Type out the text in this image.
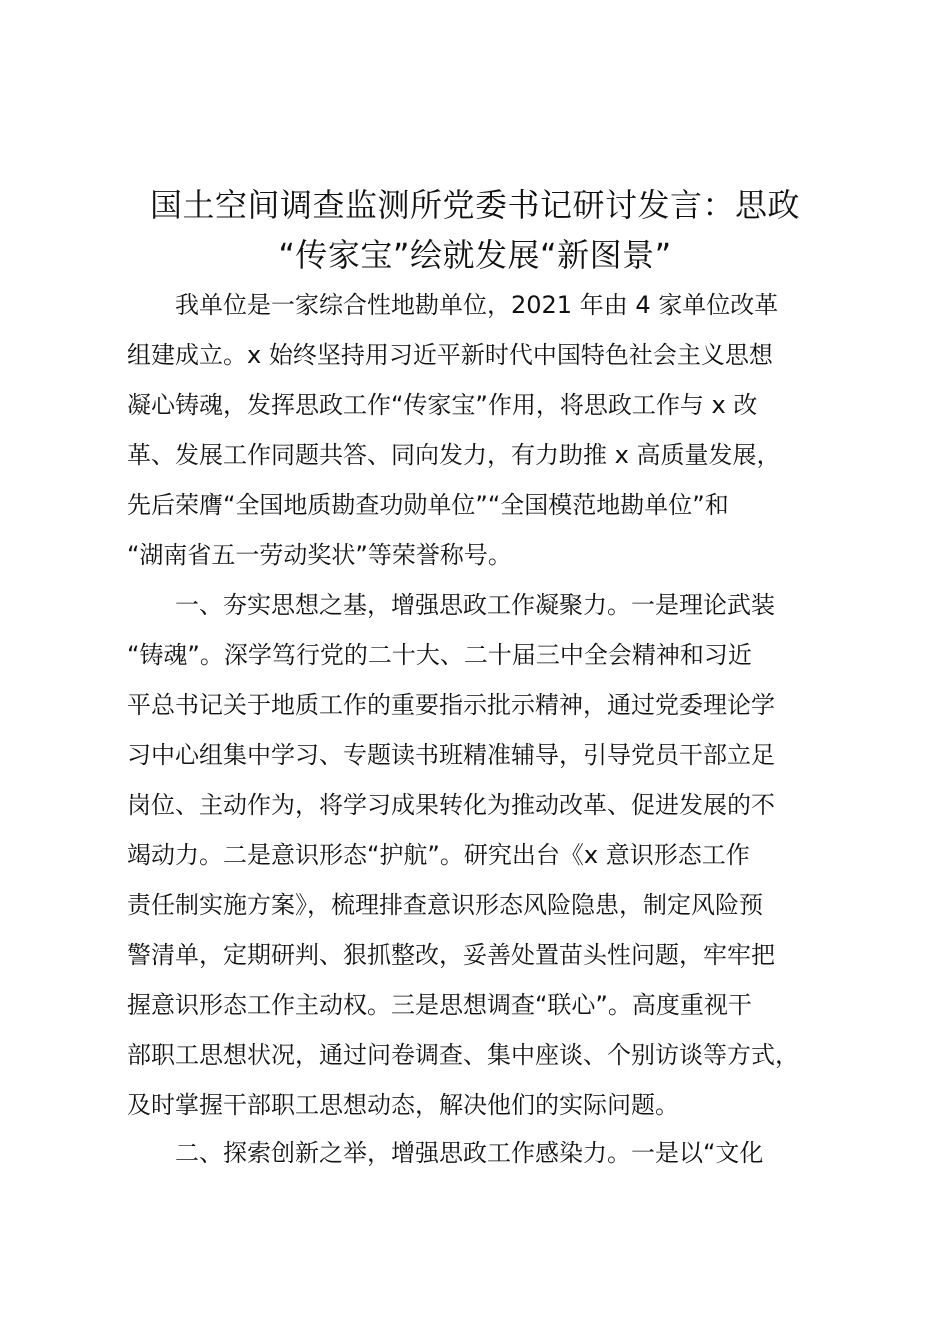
国土空间调查监测所党委书记研讨发言：思政
“传家宝”绘就发展“新图景”
我单位是一家综合性地勘单位，2021 年由 4 家单位改革
组建成立。x 始终坚持用习近平新时代中国特色社会主义思想
凝心铸魂，发挥思政工作“传家宝”作用，将思政工作与 x 改
革、发展工作同题共答、同向发力，有力助推 x 高质量发展，
先后荣膺“全国地质勘查功勋单位”“全国模范地勘单位”和
“湖南省五一劳动奖状”等荣誉称号。
一、夯实思想之基，增强思政工作凝聚力。一是理论武装
“铸魂”。深学笃行党的二十大、二十届三中全会精神和习近
平总书记关于地质工作的重要指示批示精神，通过党委理论学
习中心组集中学习、专题读书班精准辅导，引导党员干部立足
岗位、主动作为，将学习成果转化为推动改革、促进发展的不
竭动力。二是意识形态“护航”。研究出台《x 意识形态工作
责任制实施方案》，梳理排查意识形态风险隐患，制定风险预
警清单，定期研判、狠抓整改，妥善处置苗头性问题，牢牢把
握意识形态工作主动权。三是思想调查“联心”。高度重视干
部职工思想状况，通过问卷调查、集中座谈、个别访谈等方式，
及时掌握干部职工思想动态，解决他们的实际问题。
二、探索创新之举，增强思政工作感染力。一是以“文化
